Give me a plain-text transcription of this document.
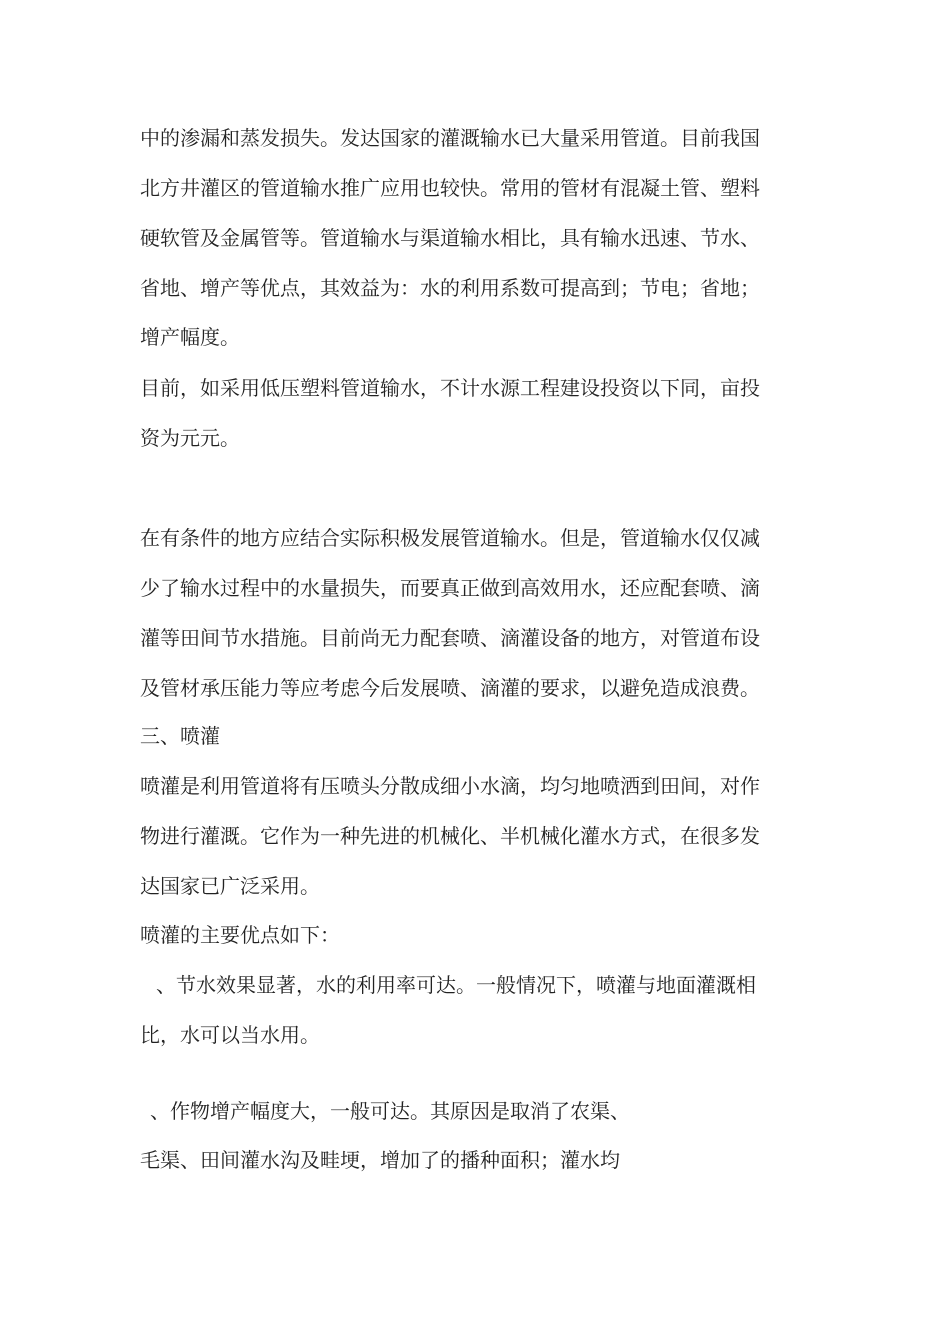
中的渗漏和蒸发损失。发达国家的灌溉输水已大量采用管道。目前我国
北方井灌区的管道输水推广应用也较快。常用的管材有混凝土管、塑料
硬软管及金属管等。管道输水与渠道输水相比，具有输水迅速、节水、
省地、增产等优点，其效益为：水的利用系数可提高到；节电；省地；
增产幅度。
目前，如采用低压塑料管道输水，不计水源工程建设投资以下同，亩投
资为元元。
在有条件的地方应结合实际积极发展管道输水。但是，管道输水仅仅减
少了输水过程中的水量损失，而要真正做到高效用水，还应配套喷、滴
灌等田间节水措施。目前尚无力配套喷、滴灌设备的地方，对管道布设
及管材承压能力等应考虑今后发展喷、滴灌的要求，以避免造成浪费。
三、喷灌
喷灌是利用管道将有压喷头分散成细小水滴，均匀地喷洒到田间，对作
物进行灌溉。它作为一种先进的机械化、半机械化灌水方式，在很多发
达国家已广泛采用。
喷灌的主要优点如下：
、节水效果显著，水的利用率可达。一般情况下，喷灌与地面灌溉相
比，水可以当水用。
、作物增产幅度大，一般可达。其原因是取消了农渠、
毛渠、田间灌水沟及畦埂，增加了的播种面积；灌水均
